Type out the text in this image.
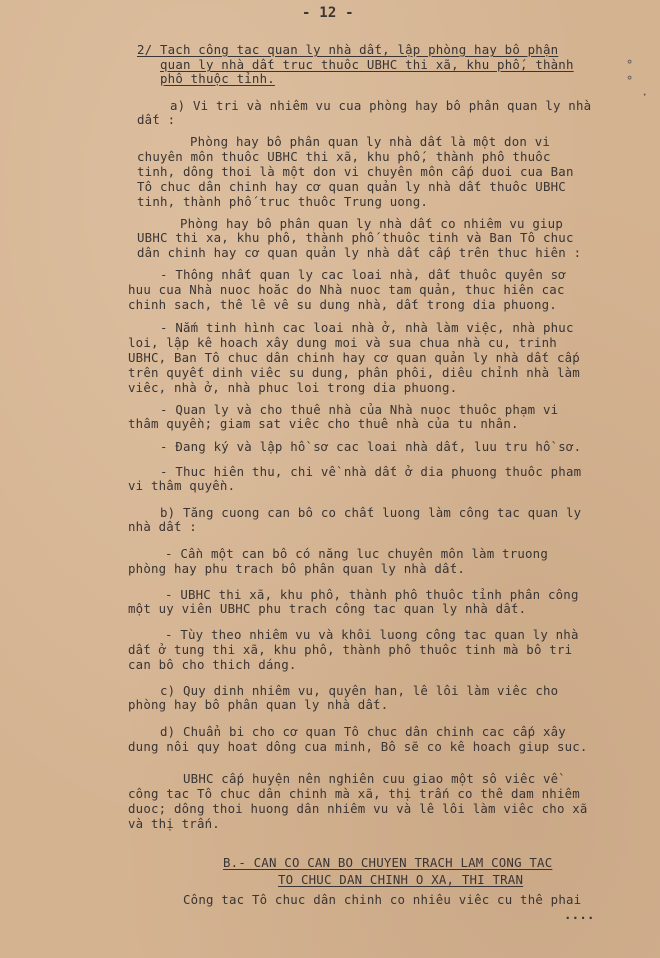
- 12 -
2/ Tach công tac quan ly nhà dất, lập phòng hay bô phận
quan ly nhà dất truc thuôc UBHC thi xã, khu phố, thành
phô thuộc tỉnh.
a) Vi tri và nhiêm vu cua phòng hay bô phân quan ly nhà
dất :
Phòng hay bô phân quan ly nhà dất là một don vi
chuyên môn thuôc UBHC thi xã, khu phố, thành phô thuôc
tinh, dông thoi là một don vi chuyên môn cấp duoi cua Ban
Tô chuc dân chinh hay cơ quan quản ly nhà dất thuôc UBHC
tinh, thành phố truc thuôc Trung uong.
Phòng hay bô phân quan ly nhà dất co nhiêm vu giup
UBHC thi xa, khu phô, thành phố thuôc tinh và Ban Tô chuc
dân chinh hay cơ quan quản ly nhà dất cấp trên thuc hiên :
- Thông nhất quan ly cac loai nhà, dất thuôc quyên sơ
huu cua Nhà nuoc hoăc do Nhà nuoc tam quản, thuc hiên cac
chinh sach, thê lê vê su dung nhà, dất trong dia phuong.
- Nắm tinh hình cac loai nhà ở, nhà làm việc, nhà phuc
loi, lập kê hoach xây dung moi và sua chua nhà cu, trinh
UBHC, Ban Tô chuc dân chinh hay cơ quan quản ly nhà dất cấp
trên quyết dinh viêc su dung, phân phôi, diêu chỉnh nhà làm
viêc, nhà ở, nhà phuc loi trong dia phuong.
- Quan ly và cho thuê nhà của Nhà nuoc thuôc phạm vi
thâm quyền; giam sat viêc cho thuê nhà của tu nhân.
- Đang ký và lập hồ sơ cac loai nhà dất, luu tru hồ sơ.
- Thuc hiên thu, chi về nhà dất ở dia phuong thuôc pham
vi thâm quyền.
b) Tăng cuong can bô co chất luong làm công tac quan ly
nhà dất :
- Cần một can bô có năng luc chuyên môn làm truong
phòng hay phu trach bô phân quan ly nhà dất.
- UBHC thi xã, khu phô, thành phô thuôc tỉnh phân công
một uy viên UBHC phu trach công tac quan ly nhà dất.
- Tùy theo nhiêm vu và khôi luong công tac quan ly nhà
dất ở tung thi xã, khu phô, thành phô thuôc tinh mà bô tri
can bô cho thich dáng.
c) Quy dinh nhiêm vu, quyên han, lê lôi làm viêc cho
phòng hay bô phân quan ly nhà dất.
d) Chuẩn bi cho cơ quan Tô chuc dân chinh cac cấp xây
dung nôi quy hoat dông cua minh, Bô sẽ co kê hoach giup suc.
UBHC cấp huyện nên nghiên cuu giao một sô viêc về
công tac Tô chuc dân chinh mà xã, thị trấn co thê dam nhiêm
duoc; dông thoi huong dân nhiêm vu và lê lôi làm viêc cho xã
và thị trấn.
B.- CAN CO CAN BO CHUYEN TRACH LAM CONG TAC
TO CHUC DAN CHINH O XA, THI TRAN
Công tac Tô chuc dân chinh co nhiêu viêc cu thê phai
....
°
°
·
